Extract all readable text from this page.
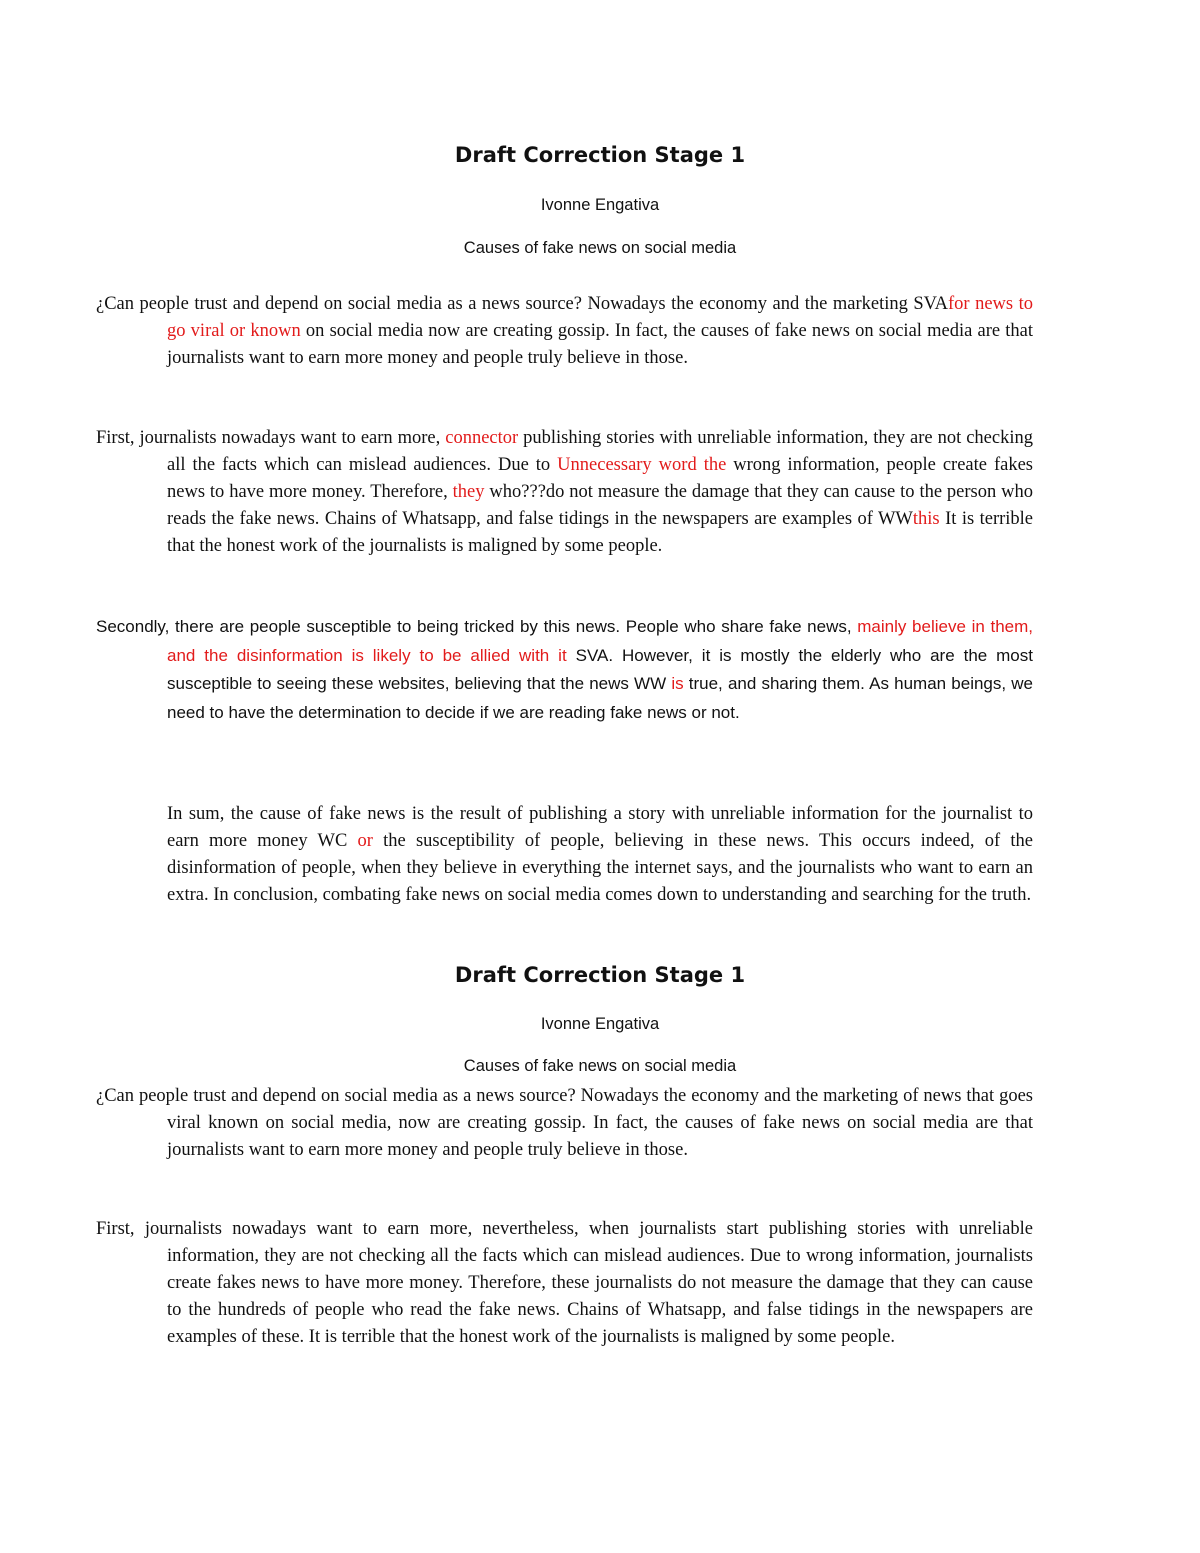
Draft Correction Stage 1
Ivonne Engativa
Causes of fake news on social media
¿Can people trust and depend on social media as a news source? Nowadays the economy and the marketing SVAfor news to go viral or known on social media now are creating gossip. In fact, the causes of fake news on social media are that journalists want to earn more money and people truly believe in those.
First, journalists nowadays want to earn more, connector publishing stories with unreliable information, they are not checking all the facts which can mislead audiences. Due to Unnecessary word the wrong information, people create fakes news to have more money. Therefore, they who???do not measure the damage that they can cause to the person who reads the fake news. Chains of Whatsapp, and false tidings in the newspapers are examples of WWthis It is terrible that the honest work of the journalists is maligned by some people.
Secondly, there are people susceptible to being tricked by this news. People who share fake news, mainly believe in them, and the disinformation is likely to be allied with it SVA. However, it is mostly the elderly who are the most susceptible to seeing these websites, believing that the news WW is true, and sharing them. As human beings, we need to have the determination to decide if we are reading fake news or not.
In sum, the cause of fake news is the result of publishing a story with unreliable information for the journalist to earn more money WC or the susceptibility of people, believing in these news. This occurs indeed, of the disinformation of people, when they believe in everything the internet says, and the journalists who want to earn an extra. In conclusion, combating fake news on social media comes down to understanding and searching for the truth.
Draft Correction Stage 1
Ivonne Engativa
Causes of fake news on social media
¿Can people trust and depend on social media as a news source? Nowadays the economy and the marketing of news that goes viral known on social media, now are creating gossip. In fact, the causes of fake news on social media are that journalists want to earn more money and people truly believe in those.
First, journalists nowadays want to earn more, nevertheless, when journalists start publishing stories with unreliable information, they are not checking all the facts which can mislead audiences. Due to wrong information, journalists create fakes news to have more money. Therefore, these journalists do not measure the damage that they can cause to the hundreds of people who read the fake news. Chains of Whatsapp, and false tidings in the newspapers are examples of these. It is terrible that the honest work of the journalists is maligned by some people.
